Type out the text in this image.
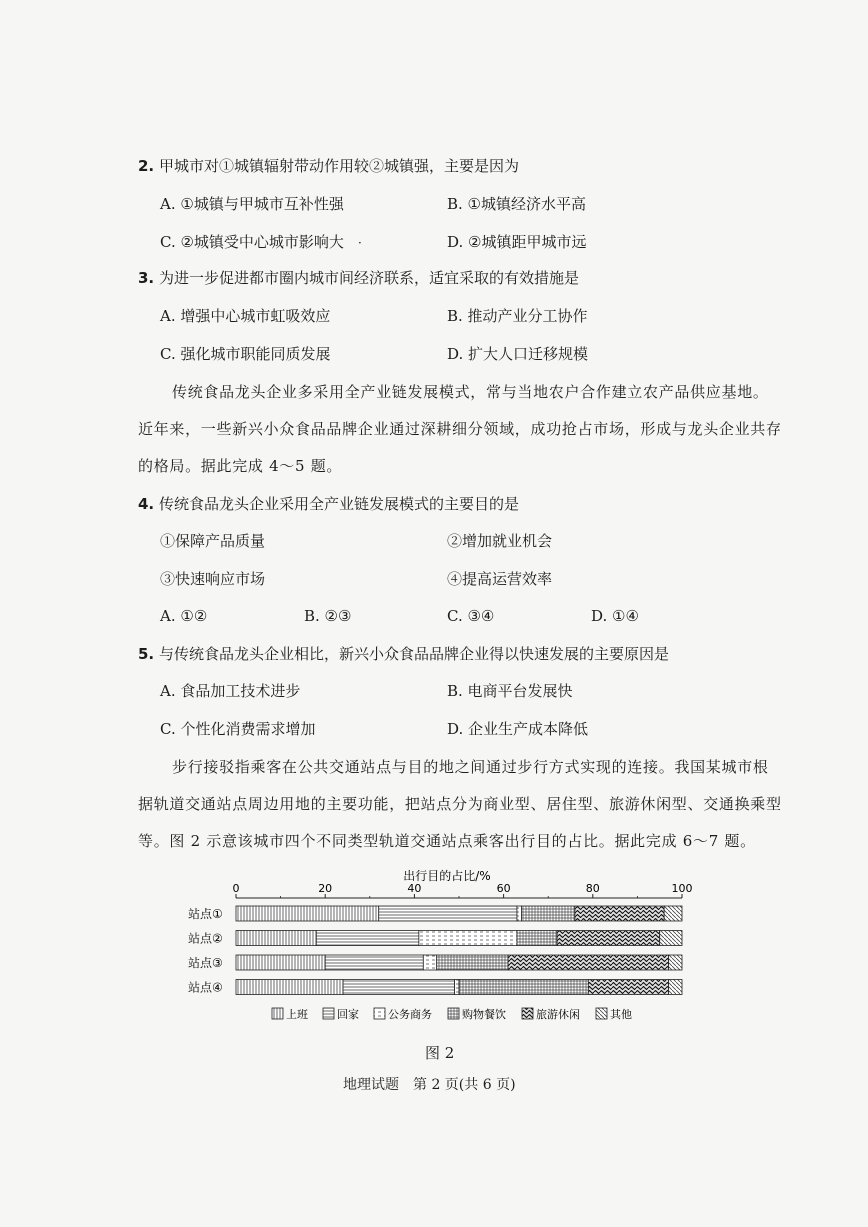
2. 甲城市对①城镇辐射带动作用较②城镇强，主要是因为
A. ①城镇与甲城市互补性强	B. ①城镇经济水平高
C. ②城镇受中心城市影响大 ·	D. ②城镇距甲城市远
3. 为进一步促进都市圈内城市间经济联系，适宜采取的有效措施是
A. 增强中心城市虹吸效应	B. 推动产业分工协作
C. 强化城市职能同质发展	D. 扩大人口迁移规模
传统食品龙头企业多采用全产业链发展模式，常与当地农户合作建立农产品供应基地。
近年来，一些新兴小众食品品牌企业通过深耕细分领域，成功抢占市场，形成与龙头企业共存
的格局。据此完成 4～5 题。
4. 传统食品龙头企业采用全产业链发展模式的主要目的是
①保障产品质量	②增加就业机会
③快速响应市场	④提高运营效率
A. ①②	B. ②③	C. ③④	D. ①④
5. 与传统食品龙头企业相比，新兴小众食品品牌企业得以快速发展的主要原因是
A. 食品加工技术进步	B. 电商平台发展快
C. 个性化消费需求增加	D. 企业生产成本降低
步行接驳指乘客在公共交通站点与目的地之间通过步行方式实现的连接。我国某城市根
据轨道交通站点周边用地的主要功能，把站点分为商业型、居住型、旅游休闲型、交通换乘型
等。图 2 示意该城市四个不同类型轨道交通站点乘客出行目的占比。据此完成 6～7 题。
出行目的占比/%
0	20	40	60	80	100
站点①
站点②
站点③
站点④
上班	回家	公务商务	购物餐饮	旅游休闲	其他
图 2
地理试题　第 2 页(共 6 页)
